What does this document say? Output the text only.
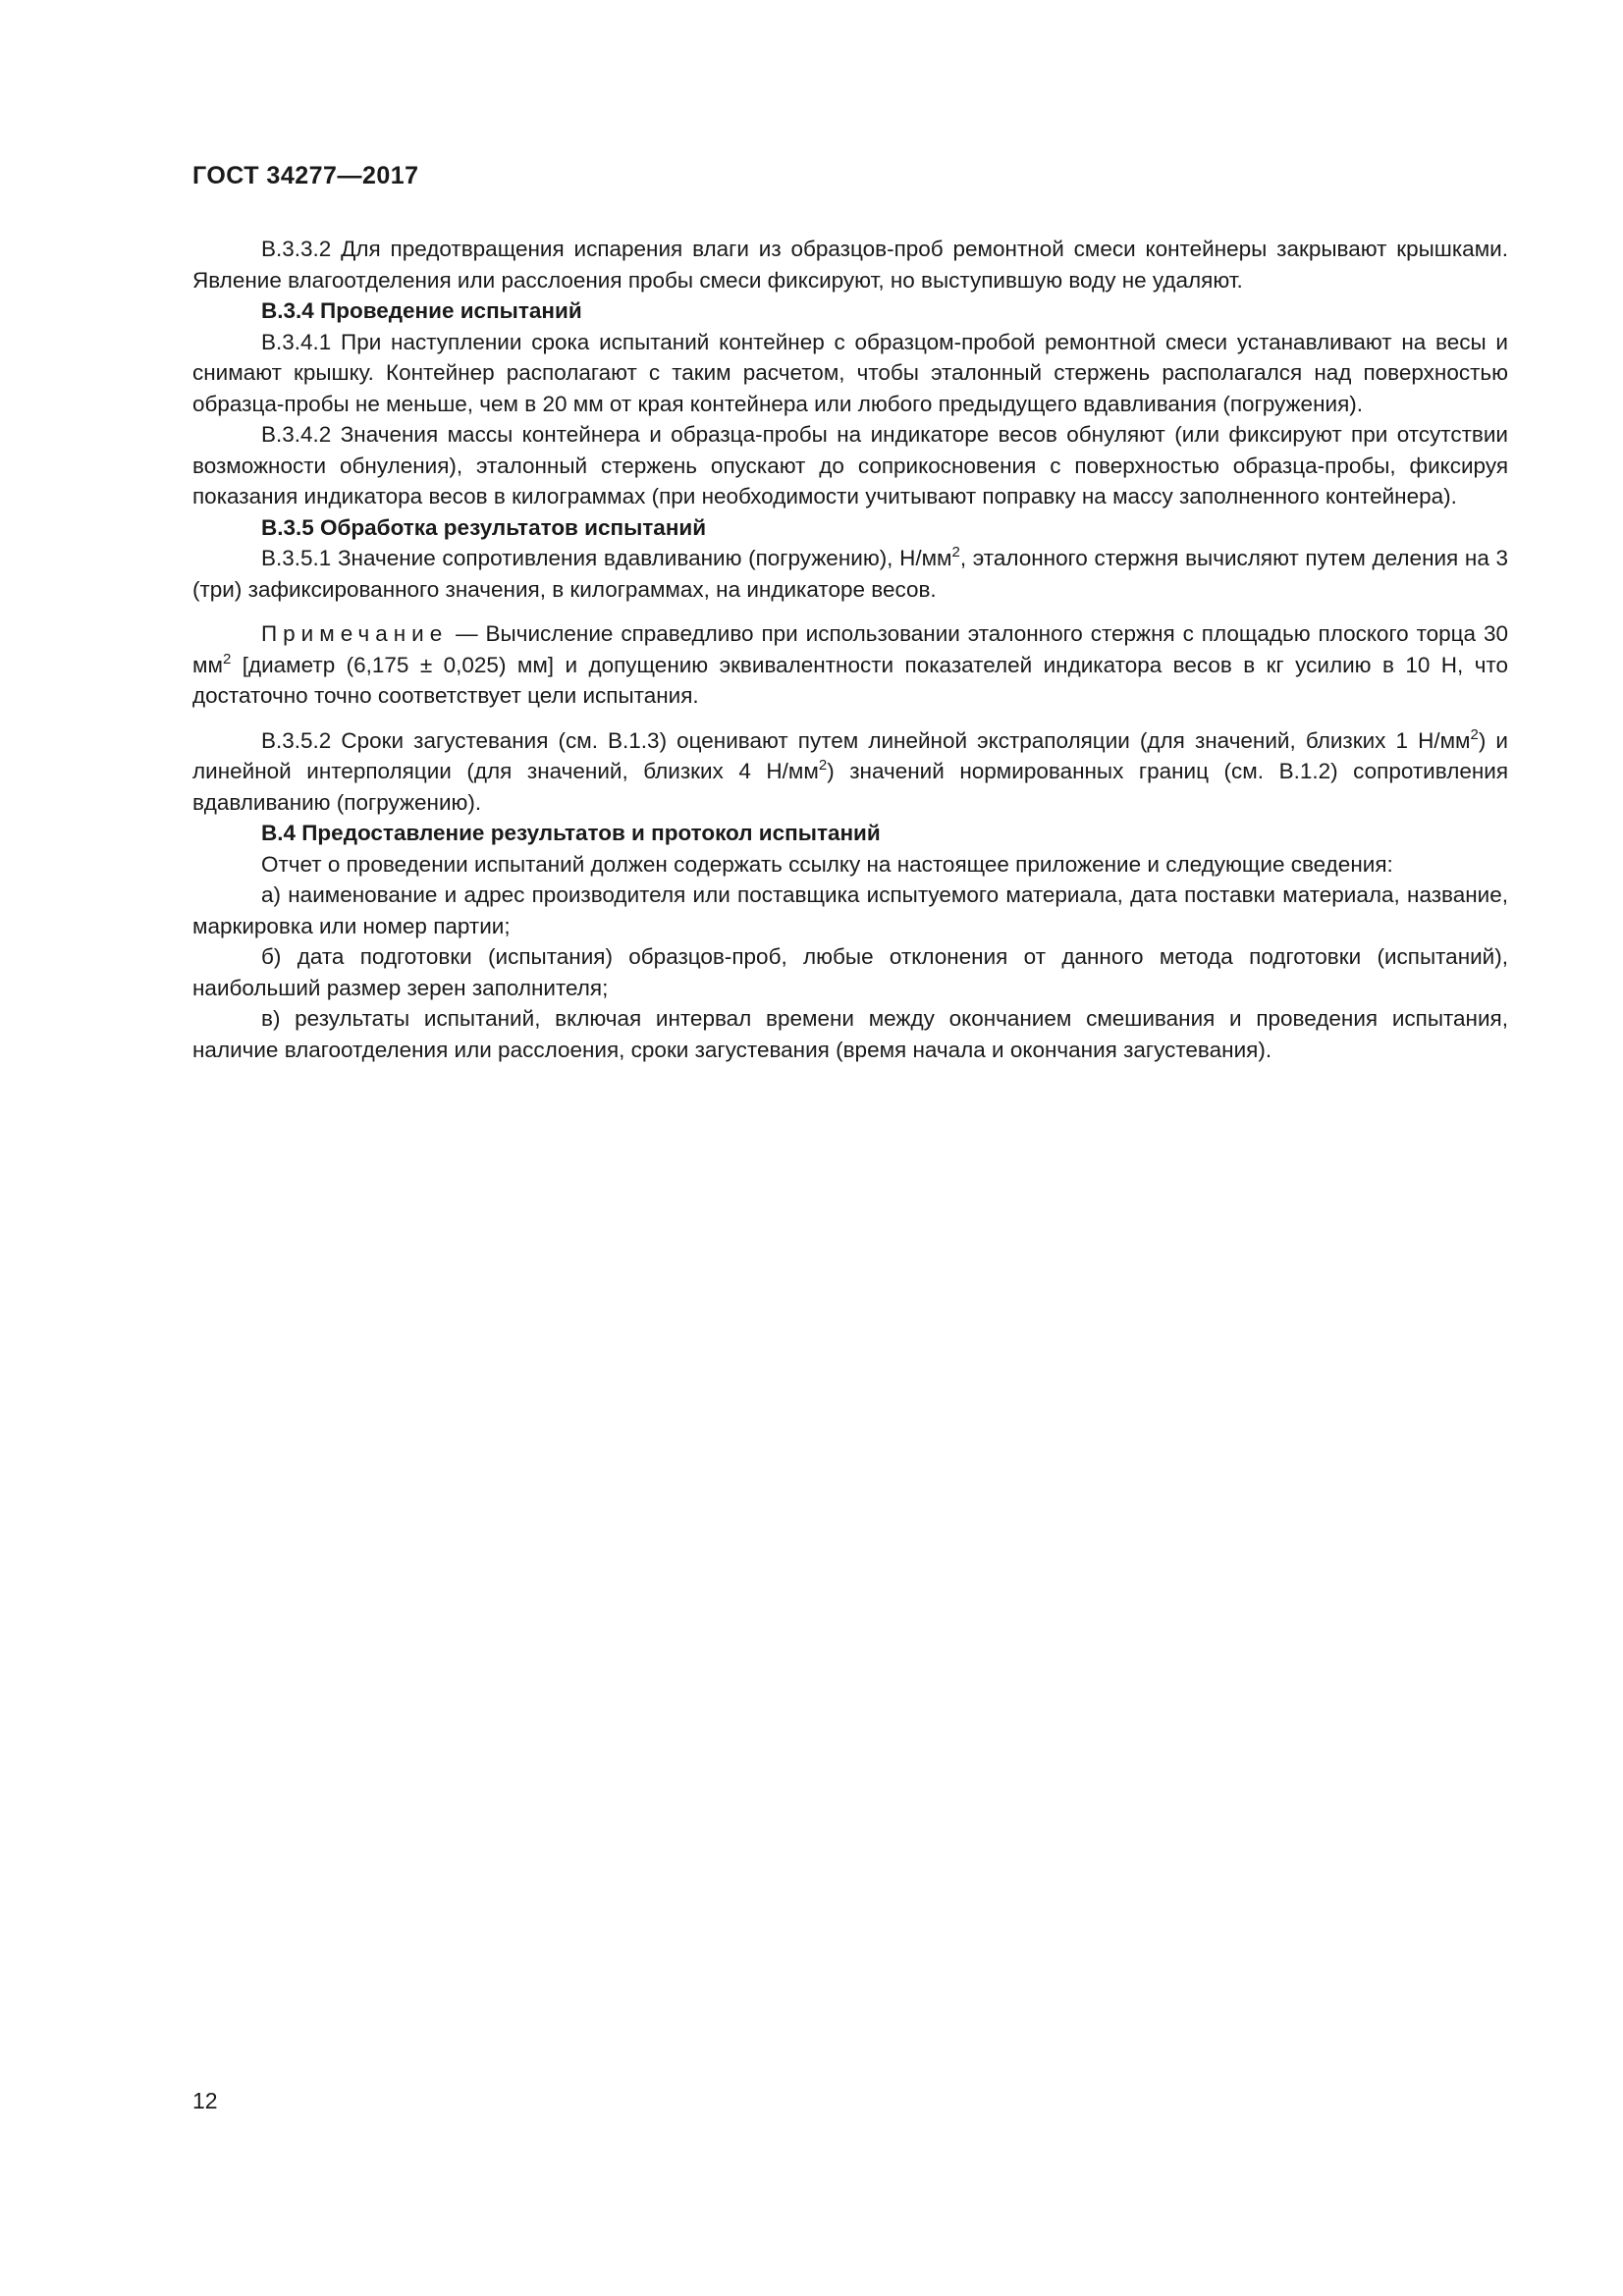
ГОСТ 34277—2017

В.3.3.2 Для предотвращения испарения влаги из образцов-проб ремонтной смеси контейнеры закрывают крышками. Явление влагоотделения или расслоения пробы смеси фиксируют, но выступившую воду не удаляют.

В.3.4 Проведение испытаний

В.3.4.1 При наступлении срока испытаний контейнер с образцом-пробой ремонтной смеси устанавливают на весы и снимают крышку. Контейнер располагают с таким расчетом, чтобы эталонный стержень располагался над поверхностью образца-пробы не меньше, чем в 20 мм от края контейнера или любого предыдущего вдавливания (погружения).

В.3.4.2 Значения массы контейнера и образца-пробы на индикаторе весов обнуляют (или фиксируют при отсутствии возможности обнуления), эталонный стержень опускают до соприкосновения с поверхностью образца-пробы, фиксируя показания индикатора весов в килограммах (при необходимости учитывают поправку на массу заполненного контейнера).

В.3.5 Обработка результатов испытаний

В.3.5.1 Значение сопротивления вдавливанию (погружению), $Н/мм^2$, эталонного стержня вычисляют путем деления на 3 (три) зафиксированного значения, в килограммах, на индикаторе весов.

Примечание — Вычисление справедливо при использовании эталонного стержня с площадью плоского торца 30 $мм^2$ [диаметр (6,175 ± 0,025) мм] и допущению эквивалентности показателей индикатора весов в кг усилию в 10 Н, что достаточно точно соответствует цели испытания.

В.3.5.2 Сроки загустевания (см. В.1.3) оценивают путем линейной экстраполяции (для значений, близких 1 $Н/мм^2$) и линейной интерполяции (для значений, близких 4 $Н/мм^2$) значений нормированных границ (см. В.1.2) сопротивления вдавливанию (погружению).

В.4 Предоставление результатов и протокол испытаний

Отчет о проведении испытаний должен содержать ссылку на настоящее приложение и следующие сведения:

а) наименование и адрес производителя или поставщика испытуемого материала, дата поставки материала, название, маркировка или номер партии;

б) дата подготовки (испытания) образцов-проб, любые отклонения от данного метода подготовки (испытаний), наибольший размер зерен заполнителя;

в) результаты испытаний, включая интервал времени между окончанием смешивания и проведения испытания, наличие влагоотделения или расслоения, сроки загустевания (время начала и окончания загустевания).

12
